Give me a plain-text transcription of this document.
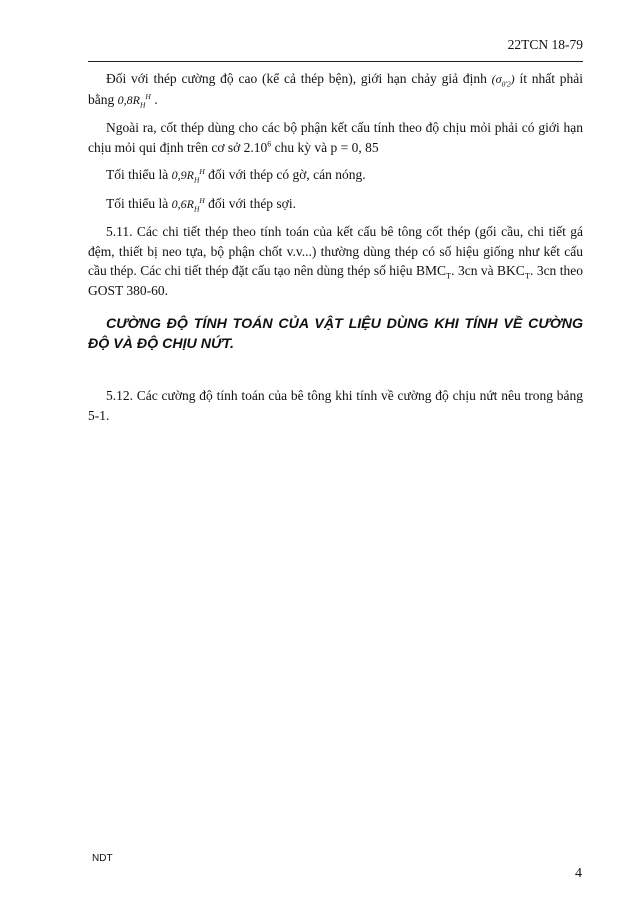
22TCN 18-79

Đối với thép cường độ cao (kể cả thép bện), giới hạn chảy giả định $(\sigma_{0'2})$ ít nhất phải bằng $0,8R_H^H$ .

Ngoài ra, cốt thép dùng cho các bộ phận kết cấu tính theo độ chịu mỏi phải có giới hạn chịu mỏi qui định trên cơ sở 2.10$^6$ chu kỳ và p = 0, 85

Tối thiểu là $0,9R_H^H$ đối với thép có gờ, cán nóng.

Tối thiểu là $0,6R_H^H$ đối với thép sợi.

5.11. Các chi tiết thép theo tính toán của kết cấu bê tông cốt thép (gối cầu, chi tiết gá đệm, thiết bị neo tựa, bộ phận chốt v.v...) thường dùng thép có số hiệu giống như kết cấu cầu thép. Các chi tiết thép đặt cấu tạo nên dùng thép số hiệu $BMC_T$. 3cn và $BKC_T$. 3cn theo GOST 380-60.

CƯỜNG ĐỘ TÍNH TOÁN CỦA VẬT LIỆU DÙNG KHI TÍNH VỀ CƯỜNG ĐỘ VÀ ĐỘ CHỊU NỨT.

5.12. Các cường độ tính toán của bê tông khi tính về cường độ chịu nứt nêu trong bảng 5-1.

NDT
4
